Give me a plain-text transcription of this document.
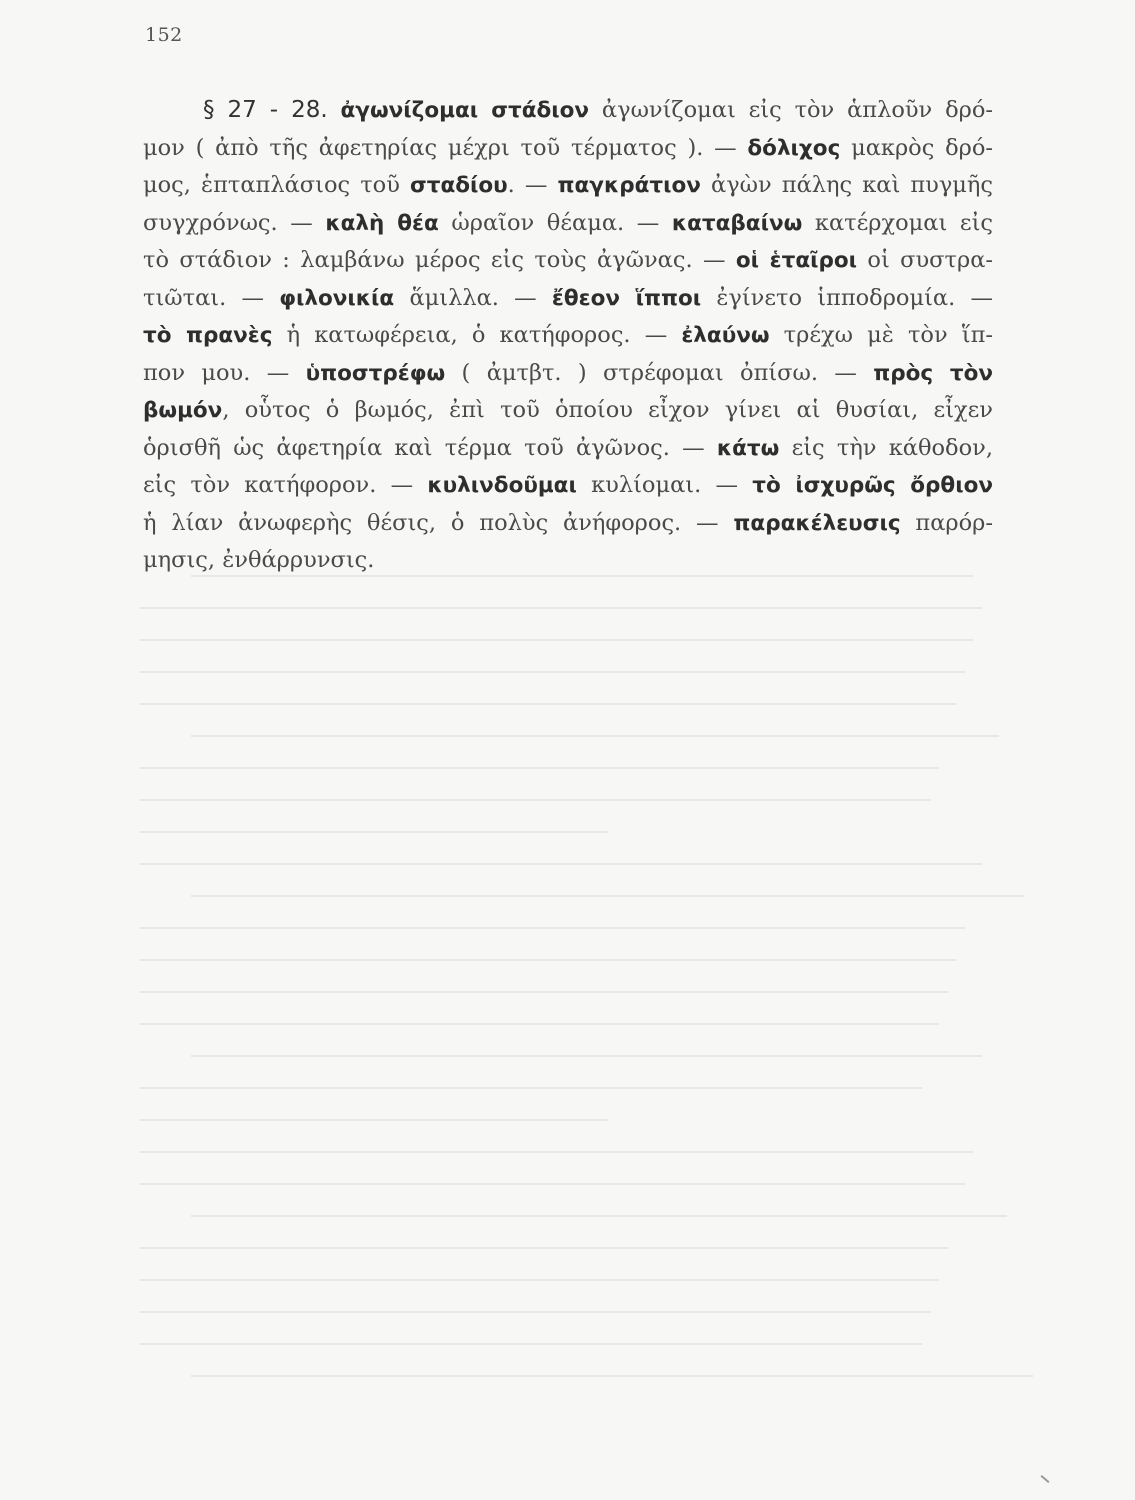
152
§ 27 - 28. ἀγωνίζομαι στάδιον ἀγωνίζομαι εἰς τὸν ἁπλοῦν δρό-
μον ( ἀπὸ τῆς ἀφετηρίας μέχρι τοῦ τέρματος ). — δόλιχος μακρὸς δρό-
μος, ἑπταπλάσιος τοῦ σταδίου. — παγκράτιον ἀγὼν πάλης καὶ πυγμῆς
συγχρόνως. — καλὴ θέα ὡραῖον θέαμα. — καταβαίνω κατέρχομαι εἰς
τὸ στάδιον : λαμβάνω μέρος εἰς τοὺς ἀγῶνας. — οἱ ἑταῖροι οἱ συστρα-
τιῶται. — φιλονικία ἅμιλλα. — ἔθεον ἵπποι ἐγίνετο ἱπποδρομία. —
τὸ πρανὲς ἡ κατωφέρεια, ὁ κατήφορος. — ἐλαύνω τρέχω μὲ τὸν ἵπ-
πον μου. — ὑποστρέφω ( ἀμτβτ. ) στρέφομαι ὀπίσω. — πρὸς τὸν
βωμόν, οὗτος ὁ βωμός, ἐπὶ τοῦ ὁποίου εἶχον γίνει αἱ θυσίαι, εἶχεν
ὁρισθῆ ὡς ἀφετηρία καὶ τέρμα τοῦ ἀγῶνος. — κάτω εἰς τὴν κάθοδον,
εἰς τὸν κατήφορον. — κυλινδοῦμαι κυλίομαι. — τὸ ἰσχυρῶς ὄρθιον
ἡ λίαν ἀνωφερὴς θέσις, ὁ πολὺς ἀνήφορος. — παρακέλευσις παρόρ-
μησις, ἐνθάρρυνσις.
